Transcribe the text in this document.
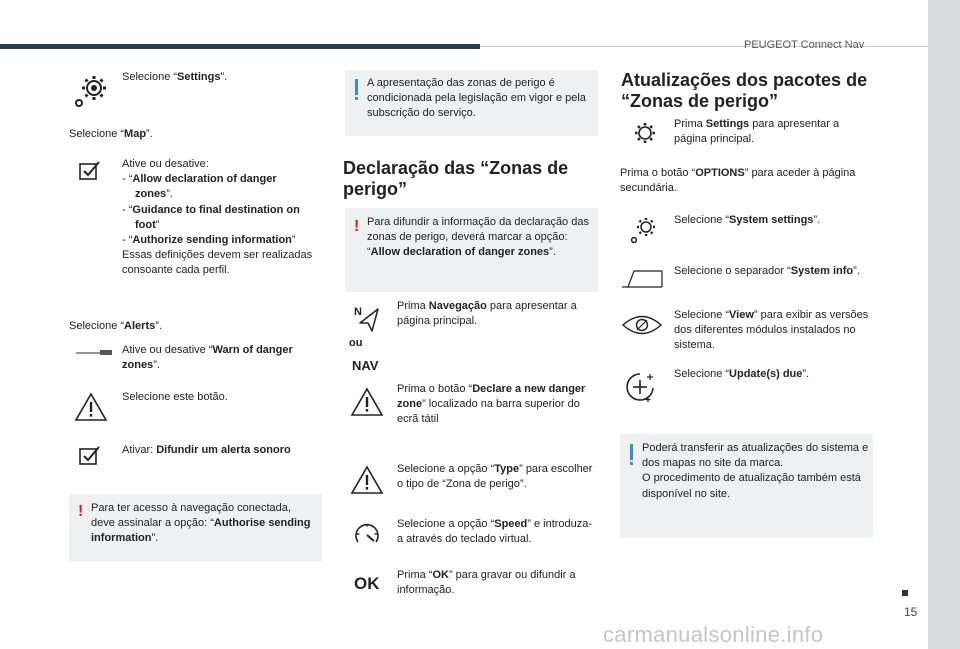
PEUGEOT Connect Nav
15
carmanualsonline.info
Selecione “Settings”.
Selecione “Map”.
Ative ou desative:
- “Allow declaration of danger zones”.
- “Guidance to final destination on foot”
- “Authorize sending information”
Essas definições devem ser realizadas consoante cada perfil.
Selecione “Alerts”.
Ative ou desative “Warn of danger zones”.
Selecione este botão.
Ativar: Difundir um alerta sonoro
! Para ter acesso à navegação conectada, deve assinalar a opção: “Authorise sending information”.
A apresentação das zonas de perigo é condicionada pela legislação em vigor e pela subscrição do serviço.
Declaração das “Zonas de perigo”
! Para difundir a informação da declaração das zonas de perigo, deverá marcar a opção: “Allow declaration of danger zones”.
N
ou
NAV
Prima Navegação para apresentar a página principal.
Prima o botão “Declare a new danger zone” localizado na barra superior do ecrã tátil
Selecione a opção “Type” para escolher o tipo de “Zona de perigo”.
Selecione a opção “Speed” e introduza-a através do teclado virtual.
OK Prima “OK” para gravar ou difundir a informação.
Atualizações dos pacotes de “Zonas de perigo”
Prima Settings para apresentar a página principal.
Prima o botão “OPTIONS” para aceder à página secundária.
Selecione “System settings”.
Selecione o separador “System info”.
Selecione “View” para exibir as versões dos diferentes módulos instalados no sistema.
Selecione “Update(s) due”.
Poderá transferir as atualizações do sistema e dos mapas no site da marca.
O procedimento de atualização também está disponível no site.
